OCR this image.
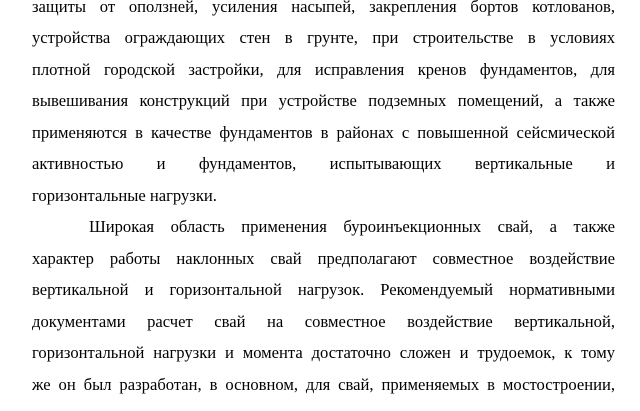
защиты от оползней, усиления насыпей, закрепления бортов котлованов,
устройства ограждающих стен в грунте, при строительстве в условиях
плотной городской застройки, для исправления кренов фундаментов, для
вывешивания конструкций при устройстве подземных помещений, а также
применяются в качестве фундаментов в районах с повышенной сейсмической
активностью и фундаментов, испытывающих вертикальные и
горизонтальные нагрузки.
Широкая область применения буроинъекционных свай, а также
характер работы наклонных свай предполагают совместное воздействие
вертикальной и горизонтальной нагрузок. Рекомендуемый нормативными
документами расчет свай на совместное воздействие вертикальной,
горизонтальной нагрузки и момента достаточно сложен и трудоемок, к тому
же он был разработан, в основном, для свай, применяемых в мостостроении,
